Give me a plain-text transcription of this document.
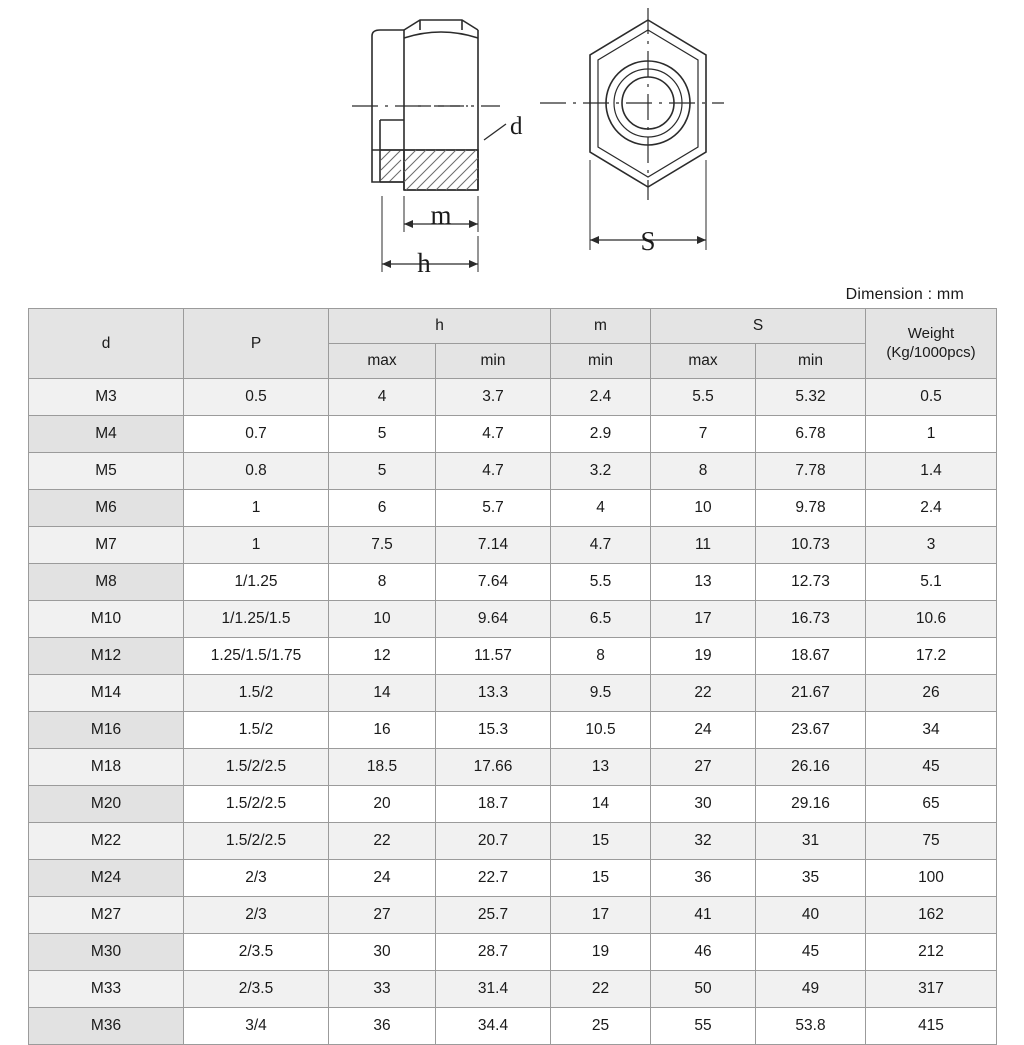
d
m
h
S
Dimension : mm
d	P	h		m	S		Weight
(Kg/1000pcs)

		max	min	min	max	min	
M3	0.5	4	3.7	2.4	5.5	5.32	0.5
M4	0.7	5	4.7	2.9	7	6.78	1
M5	0.8	5	4.7	3.2	8	7.78	1.4
M6	1	6	5.7	4	10	9.78	2.4
M7	1	7.5	7.14	4.7	11	10.73	3
M8	1/1.25	8	7.64	5.5	13	12.73	5.1
M10	1/1.25/1.5	10	9.64	6.5	17	16.73	10.6
M12	1.25/1.5/1.75	12	11.57	8	19	18.67	17.2
M14	1.5/2	14	13.3	9.5	22	21.67	26
M16	1.5/2	16	15.3	10.5	24	23.67	34
M18	1.5/2/2.5	18.5	17.66	13	27	26.16	45
M20	1.5/2/2.5	20	18.7	14	30	29.16	65
M22	1.5/2/2.5	22	20.7	15	32	31	75
M24	2/3	24	22.7	15	36	35	100
M27	2/3	27	25.7	17	41	40	162
M30	2/3.5	30	28.7	19	46	45	212
M33	2/3.5	33	31.4	22	50	49	317
M36	3/4	36	34.4	25	55	53.8	415
